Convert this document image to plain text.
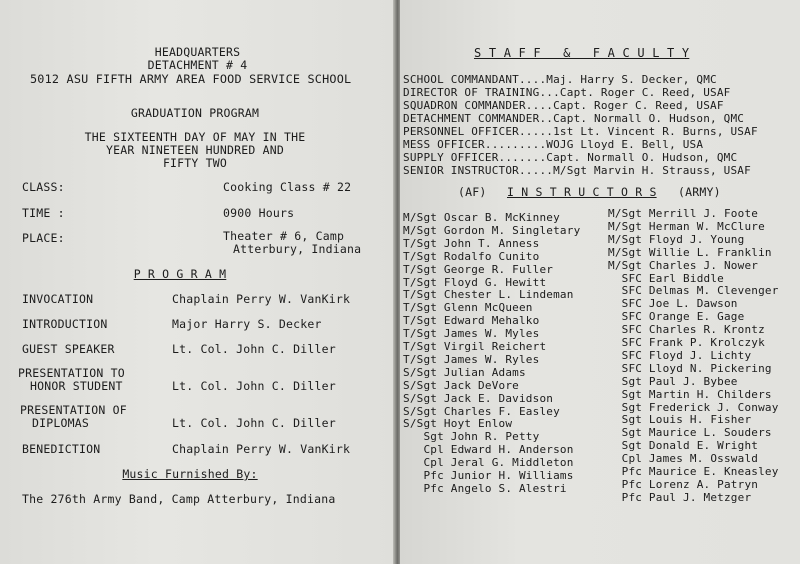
HEADQUARTERS
DETACHMENT # 4
5012 ASU FIFTH ARMY AREA FOOD SERVICE SCHOOL
GRADUATION PROGRAM
THE SIXTEENTH DAY OF MAY IN THE
YEAR NINETEEN HUNDRED AND
FIFTY TWO
CLASS:	Cooking Class # 22
TIME :	0900 Hours
PLACE:	Theater # 6, Camp
Atterbury, Indiana
P R O G R A M
INVOCATION	Chaplain Perry W. VanKirk
INTRODUCTION	Major Harry S. Decker
GUEST SPEAKER	Lt. Col. John C. Diller
PRESENTATION TO
HONOR STUDENT	Lt. Col. John C. Diller
PRESENTATION OF
DIPLOMAS	Lt. Col. John C. Diller
BENEDICTION	Chaplain Perry W. VanKirk
Music Furnished By:
The 276th Army Band, Camp Atterbury, Indiana
S T A F F   &   F A C U L T Y
SCHOOL COMMANDANT....Maj. Harry S. Decker, QMC
DIRECTOR OF TRAINING...Capt. Roger C. Reed, USAF
SQUADRON COMMANDER....Capt. Roger C. Reed, USAF
DETACHMENT COMMANDER..Capt. Normall O. Hudson, QMC
PERSONNEL OFFICER.....1st Lt. Vincent R. Burns, USAF
MESS OFFICER.........WOJG Lloyd E. Bell, USA
SUPPLY OFFICER.......Capt. Normall O. Hudson, QMC
SENIOR INSTRUCTOR.....M/Sgt Marvin H. Strauss, USAF
(AF) I N S T R U C T O R S (ARMY)
M/Sgt Oscar B. McKinney
M/Sgt Gordon M. Singletary
T/Sgt John T. Anness
T/Sgt Rodalfo Cunito
T/Sgt George R. Fuller
T/Sgt Floyd G. Hewitt
T/Sgt Chester L. Lindeman
T/Sgt Glenn McQueen
T/Sgt Edward Mehalko
T/Sgt James W. Myles
T/Sgt Virgil Reichert
T/Sgt James W. Ryles
S/Sgt Julian Adams
S/Sgt Jack DeVore
S/Sgt Jack E. Davidson
S/Sgt Charles F. Easley
S/Sgt Hoyt Enlow
Sgt John R. Petty
Cpl Edward H. Anderson
Cpl Jeral G. Middleton
Pfc Junior H. Williams
Pfc Angelo S. Alestri
M/Sgt Merrill J. Foote
M/Sgt Herman W. McClure
M/Sgt Floyd J. Young
M/Sgt Willie L. Franklin
M/Sgt Charles J. Nower
SFC Earl Biddle
SFC Delmas M. Clevenger
SFC Joe L. Dawson
SFC Orange E. Gage
SFC Charles R. Krontz
SFC Frank P. Krolczyk
SFC Floyd J. Lichty
SFC Lloyd N. Pickering
Sgt Paul J. Bybee
Sgt Martin H. Childers
Sgt Frederick J. Conway
Sgt Louis H. Fisher
Sgt Maurice L. Souders
Sgt Donald E. Wright
Cpl James M. Osswald
Pfc Maurice E. Kneasley
Pfc Lorenz A. Patryn
Pfc Paul J. Metzger
